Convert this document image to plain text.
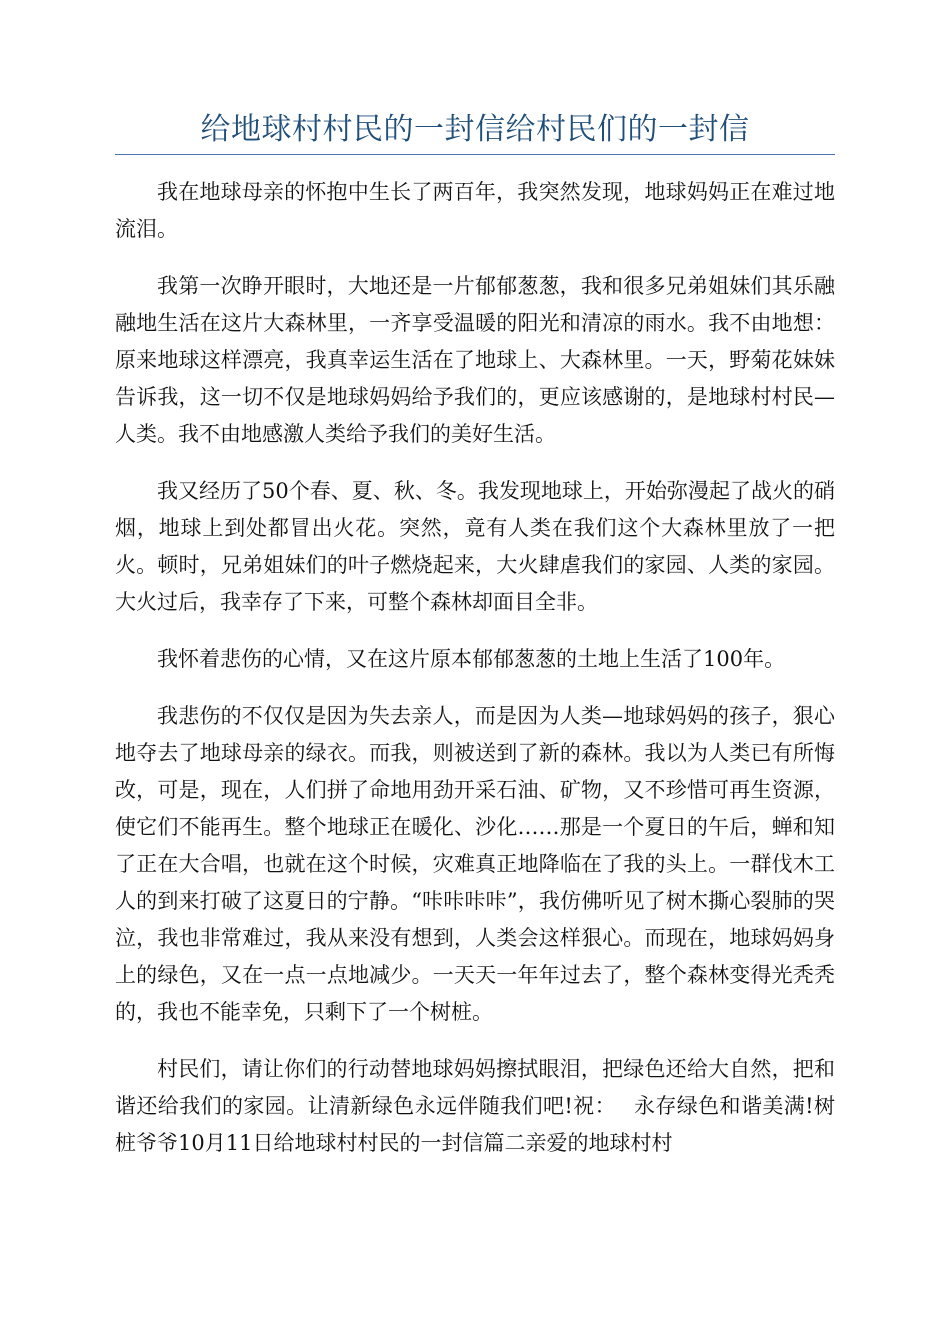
给地球村村民的一封信给村民们的一封信

我在地球母亲的怀抱中生长了两百年，我突然发现，地球妈妈正在难过地流泪。

我第一次睁开眼时，大地还是一片郁郁葱葱，我和很多兄弟姐妹们其乐融融地生活在这片大森林里，一齐享受温暖的阳光和清凉的雨水。我不由地想：原来地球这样漂亮，我真幸运生活在了地球上、大森林里。一天，野菊花妹妹告诉我，这一切不仅是地球妈妈给予我们的，更应该感谢的，是地球村村民—人类。我不由地感激人类给予我们的美好生活。

我又经历了50个春、夏、秋、冬。我发现地球上，开始弥漫起了战火的硝烟，地球上到处都冒出火花。突然，竟有人类在我们这个大森林里放了一把火。顿时，兄弟姐妹们的叶子燃烧起来，大火肆虐我们的家园、人类的家园。大火过后，我幸存了下来，可整个森林却面目全非。

我怀着悲伤的心情，又在这片原本郁郁葱葱的土地上生活了100年。

我悲伤的不仅仅是因为失去亲人，而是因为人类—地球妈妈的孩子，狠心地夺去了地球母亲的绿衣。而我，则被送到了新的森林。我以为人类已有所悔改，可是，现在，人们拼了命地用劲开采石油、矿物，又不珍惜可再生资源，使它们不能再生。整个地球正在暖化、沙化……那是一个夏日的午后，蝉和知了正在大合唱，也就在这个时候，灾难真正地降临在了我的头上。一群伐木工人的到来打破了这夏日的宁静。“咔咔咔咔”，我仿佛听见了树木撕心裂肺的哭泣，我也非常难过，我从来没有想到，人类会这样狠心。而现在，地球妈妈身上的绿色，又在一点一点地减少。一天天一年年过去了，整个森林变得光秃秃的，我也不能幸免，只剩下了一个树桩。

村民们，请让你们的行动替地球妈妈擦拭眼泪，把绿色还给大自然，把和谐还给我们的家园。让清新绿色永远伴随我们吧!祝：　 永存绿色和谐美满!树桩爷爷10月11日给地球村村民的一封信篇二亲爱的地球村村
